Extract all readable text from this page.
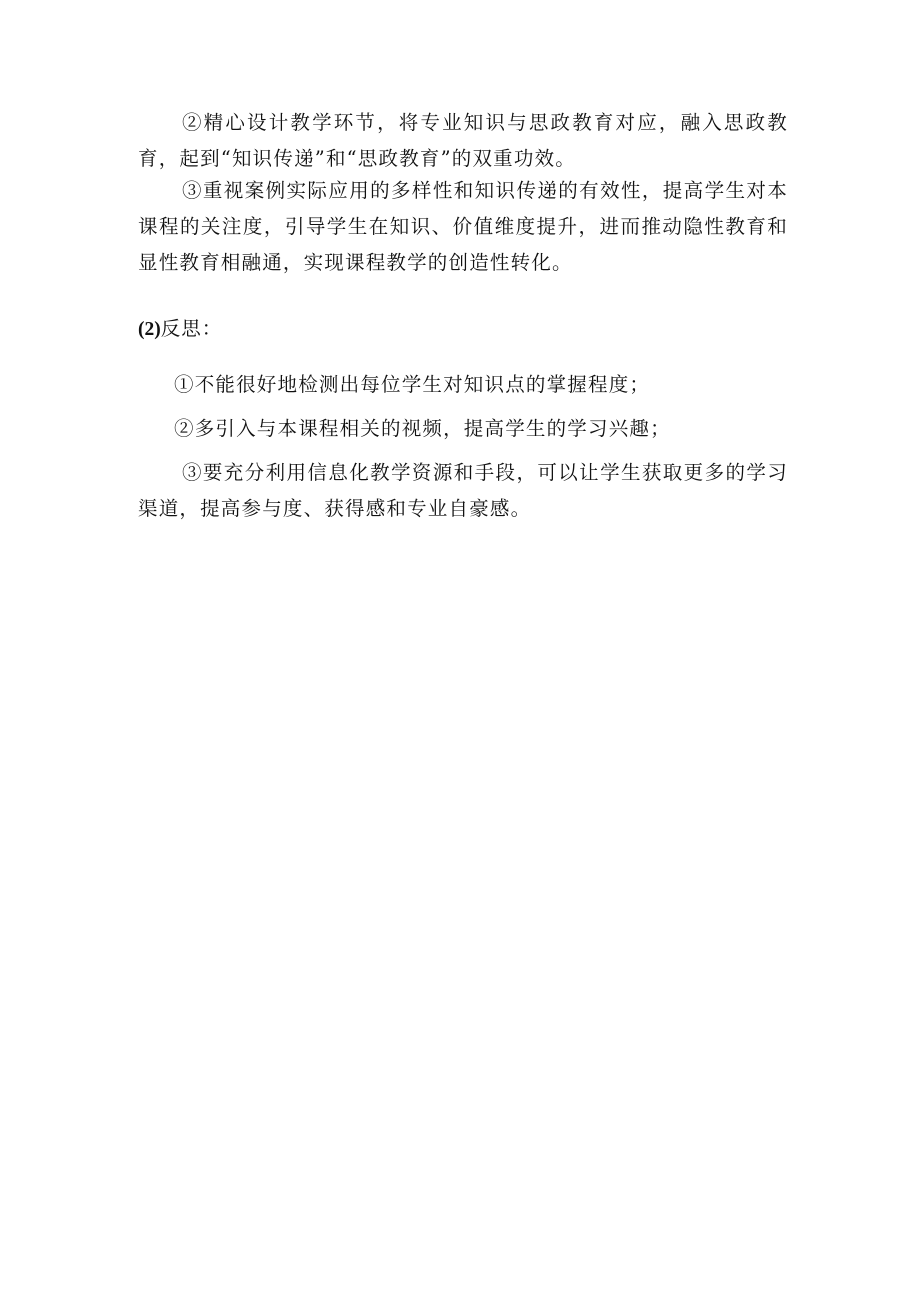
②精心设计教学环节，将专业知识与思政教育对应，融入思政教育，起到“知识传递”和“思政教育”的双重功效。

③重视案例实际应用的多样性和知识传递的有效性，提高学生对本课程的关注度，引导学生在知识、价值维度提升，进而推动隐性教育和显性教育相融通，实现课程教学的创造性转化。

(2)反思：

①不能很好地检测出每位学生对知识点的掌握程度；

②多引入与本课程相关的视频，提高学生的学习兴趣；

③要充分利用信息化教学资源和手段，可以让学生获取更多的学习渠道，提高参与度、获得感和专业自豪感。
